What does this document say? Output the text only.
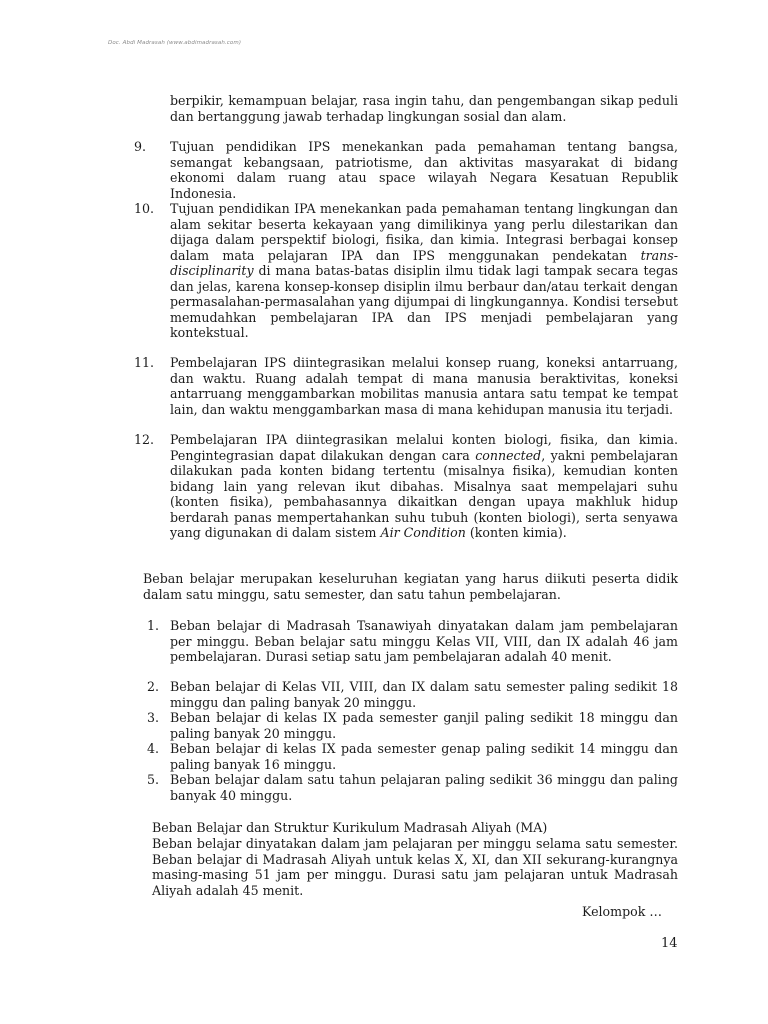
Doc. Abdi Madrasah (www.abdimadrasah.com)

berpikir, kemampuan belajar, rasa ingin tahu, dan pengembangan sikap peduli dan bertanggung jawab terhadap lingkungan sosial dan alam.

9.	Tujuan pendidikan IPS menekankan pada pemahaman tentang bangsa, semangat kebangsaan, patriotisme, dan aktivitas masyarakat di bidang ekonomi dalam ruang atau space wilayah Negara Kesatuan Republik Indonesia.

10.	Tujuan pendidikan IPA menekankan pada pemahaman tentang lingkungan dan alam sekitar beserta kekayaan yang dimilikinya yang perlu dilestarikan dan dijaga dalam perspektif biologi, fisika, dan kimia. Integrasi berbagai konsep dalam mata pelajaran IPA dan IPS menggunakan pendekatan trans-disciplinarity di mana batas-batas disiplin ilmu tidak lagi tampak secara tegas dan jelas, karena konsep-konsep disiplin ilmu berbaur dan/atau terkait dengan permasalahan-permasalahan yang dijumpai di lingkungannya. Kondisi tersebut memudahkan pembelajaran IPA dan IPS menjadi pembelajaran yang kontekstual.

11.	Pembelajaran IPS diintegrasikan melalui konsep ruang, koneksi antarruang, dan waktu. Ruang adalah tempat di mana manusia beraktivitas, koneksi antarruang menggambarkan mobilitas manusia antara satu tempat ke tempat lain, dan waktu menggambarkan masa di mana kehidupan manusia itu terjadi.

12.	Pembelajaran IPA diintegrasikan melalui konten biologi, fisika, dan kimia. Pengintegrasian dapat dilakukan dengan cara connected, yakni pembelajaran dilakukan pada konten bidang tertentu (misalnya fisika), kemudian konten bidang lain yang relevan ikut dibahas. Misalnya saat mempelajari suhu (konten fisika), pembahasannya dikaitkan dengan upaya makhluk hidup berdarah panas mempertahankan suhu tubuh (konten biologi), serta senyawa yang digunakan di dalam sistem Air Condition (konten kimia).

Beban belajar merupakan keseluruhan kegiatan yang harus diikuti peserta didik dalam satu minggu, satu semester, dan satu tahun pembelajaran.

1. Beban belajar di Madrasah Tsanawiyah dinyatakan dalam jam pembelajaran per minggu. Beban belajar satu minggu Kelas VII, VIII, dan IX adalah 46 jam pembelajaran. Durasi setiap satu jam pembelajaran adalah 40 menit.

2. Beban belajar di Kelas VII, VIII, dan IX dalam satu semester paling sedikit 18 minggu dan paling banyak 20 minggu.

3. Beban belajar di kelas IX pada semester ganjil paling sedikit 18 minggu dan paling banyak 20 minggu.

4. Beban belajar di kelas IX pada semester genap paling sedikit 14 minggu dan paling banyak 16 minggu.

5. Beban belajar dalam satu tahun pelajaran paling sedikit 36 minggu dan paling banyak 40 minggu.

Beban Belajar dan Struktur Kurikulum Madrasah Aliyah (MA)

Beban belajar dinyatakan dalam jam pelajaran per minggu selama satu semester. Beban belajar di Madrasah Aliyah untuk kelas X, XI, dan XII sekurang-kurangnya masing-masing 51 jam per minggu. Durasi satu jam pelajaran untuk Madrasah Aliyah adalah 45 menit.

Kelompok …
14
